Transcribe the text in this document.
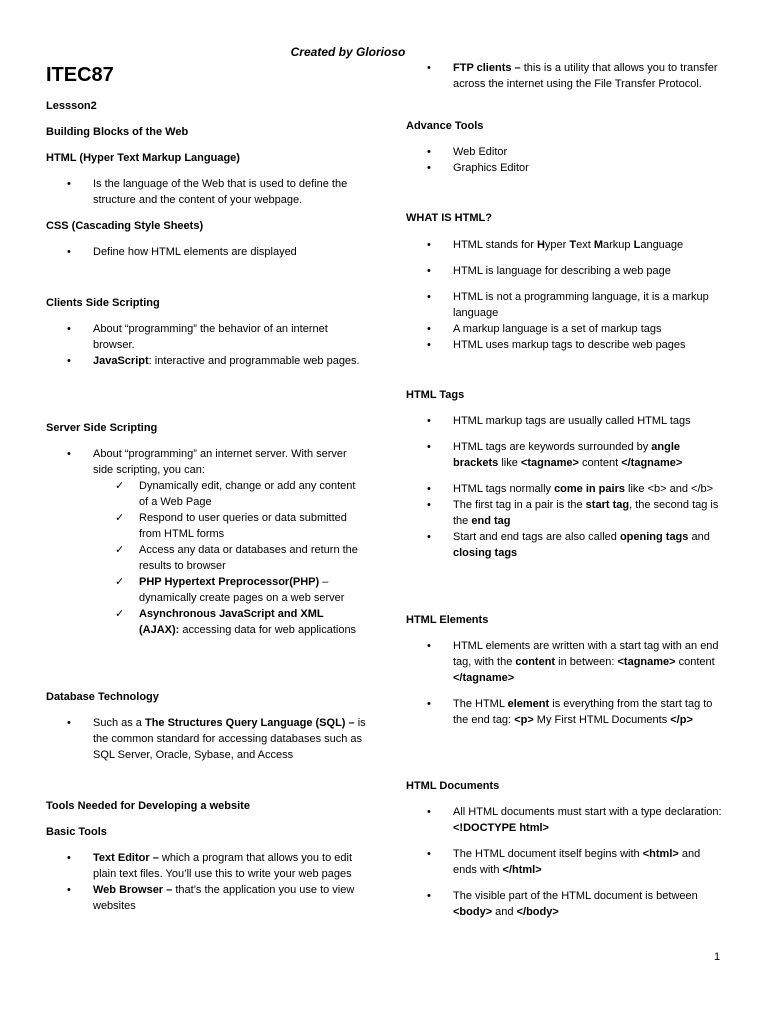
Created by Glorioso
ITEC87
Lessson2
Building Blocks of the Web
HTML (Hyper Text Markup Language)
• Is the language of the Web that is used to define the structure and the content of your webpage.
CSS (Cascading Style Sheets)
• Define how HTML elements are displayed
Clients Side Scripting
• About “programming” the behavior of an internet browser.
• JavaScript: interactive and programmable web pages.
Server Side Scripting
• About “programming” an internet server. With server side scripting, you can:
✓ Dynamically edit, change or add any content of a Web Page
✓ Respond to user queries or data submitted from HTML forms
✓ Access any data or databases and return the results to browser
✓ PHP Hypertext Preprocessor(PHP) – dynamically create pages on a web server
✓ Asynchronous JavaScript and XML (AJAX): accessing data for web applications
Database Technology
• Such as a The Structures Query Language (SQL) – is the common standard for accessing databases such as SQL Server, Oracle, Sybase, and Access
Tools Needed for Developing a website
Basic Tools
• Text Editor – which a program that allows you to edit plain text files. You’ll use this to write your web pages
• Web Browser – that’s the application you use to view websites
• FTP clients – this is a utility that allows you to transfer across the internet using the File Transfer Protocol.
Advance Tools
• Web Editor
• Graphics Editor
WHAT IS HTML?
• HTML stands for Hyper Text Markup Language
• HTML is language for describing a web page
• HTML is not a programming language, it is a markup language
• A markup language is a set of markup tags
• HTML uses markup tags to describe web pages
HTML Tags
• HTML markup tags are usually called HTML tags
• HTML tags are keywords surrounded by angle brackets like <tagname> content </tagname>
• HTML tags normally come in pairs like <b> and </b>
• The first tag in a pair is the start tag, the second tag is the end tag
• Start and end tags are also called opening tags and closing tags
HTML Elements
• HTML elements are written with a start tag with an end tag, with the content in between: <tagname> content </tagname>
• The HTML element is everything from the start tag to the end tag: <p> My First HTML Documents </p>
HTML Documents
• All HTML documents must start with a type declaration: <!DOCTYPE html>
• The HTML document itself begins with <html> and ends with </html>
• The visible part of the HTML document is between <body> and </body>
1
